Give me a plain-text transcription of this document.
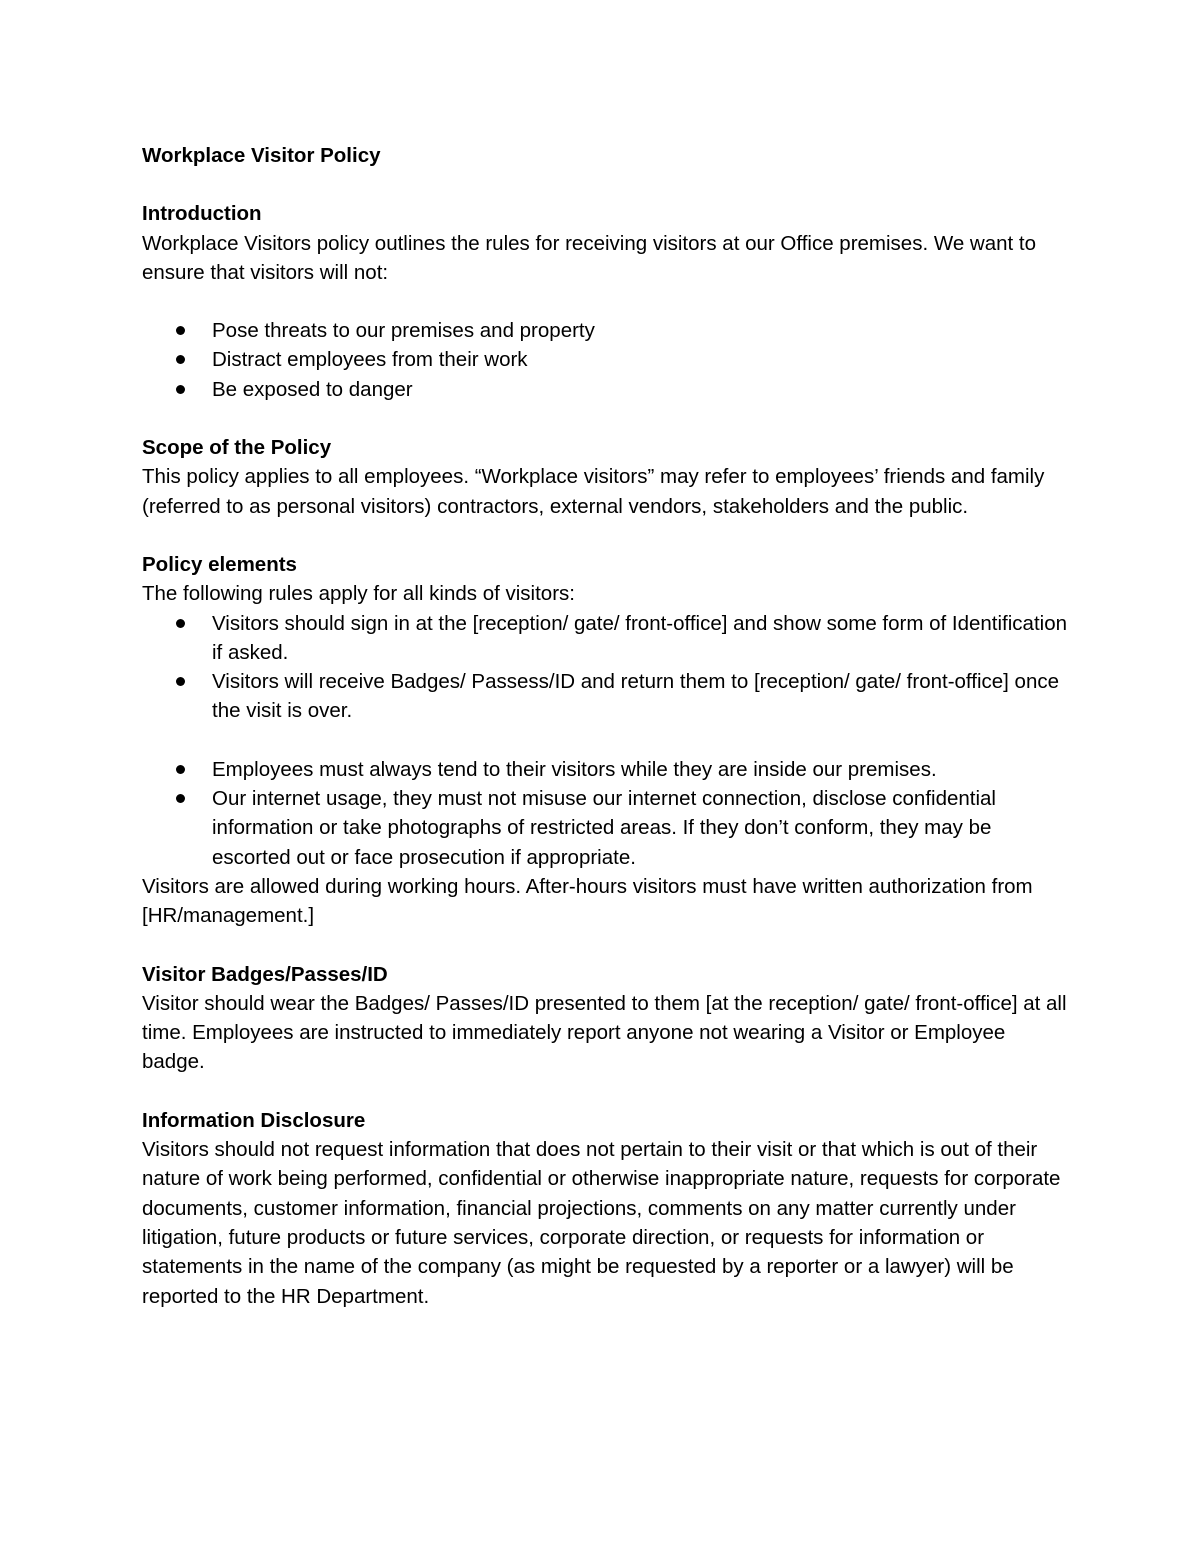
Workplace Visitor Policy

Introduction

Workplace Visitors policy outlines the rules for receiving visitors at our Office premises. We want to ensure that visitors will not:

Pose threats to our premises and property
Distract employees from their work
Be exposed to danger

Scope of the Policy

This policy applies to all employees. “Workplace visitors” may refer to employees’ friends and family (referred to as personal visitors) contractors, external vendors, stakeholders and the public.

Policy elements

The following rules apply for all kinds of visitors:

Visitors should sign in at the [reception/ gate/ front-office] and show some form of Identification if asked.
Visitors will receive Badges/ Passess/ID and return them to [reception/ gate/ front-office] once the visit is over.
Employees must always tend to their visitors while they are inside our premises.
Our internet usage, they must not misuse our internet connection, disclose confidential information or take photographs of restricted areas. If they don’t conform, they may be escorted out or face prosecution if appropriate.

Visitors are allowed during working hours. After-hours visitors must have written authorization from [HR/management.]

Visitor Badges/Passes/ID

Visitor should wear the Badges/ Passes/ID presented to them [at the reception/ gate/ front-office] at all time. Employees are instructed to immediately report anyone not wearing a Visitor or Employee badge.

Information Disclosure

Visitors should not request information that does not pertain to their visit or that which is out of their nature of work being performed, confidential or otherwise inappropriate nature, requests for corporate documents, customer information, financial projections, comments on any matter currently under litigation, future products or future services, corporate direction, or requests for information or statements in the name of the company (as might be requested by a reporter or a lawyer) will be reported to the HR Department.
